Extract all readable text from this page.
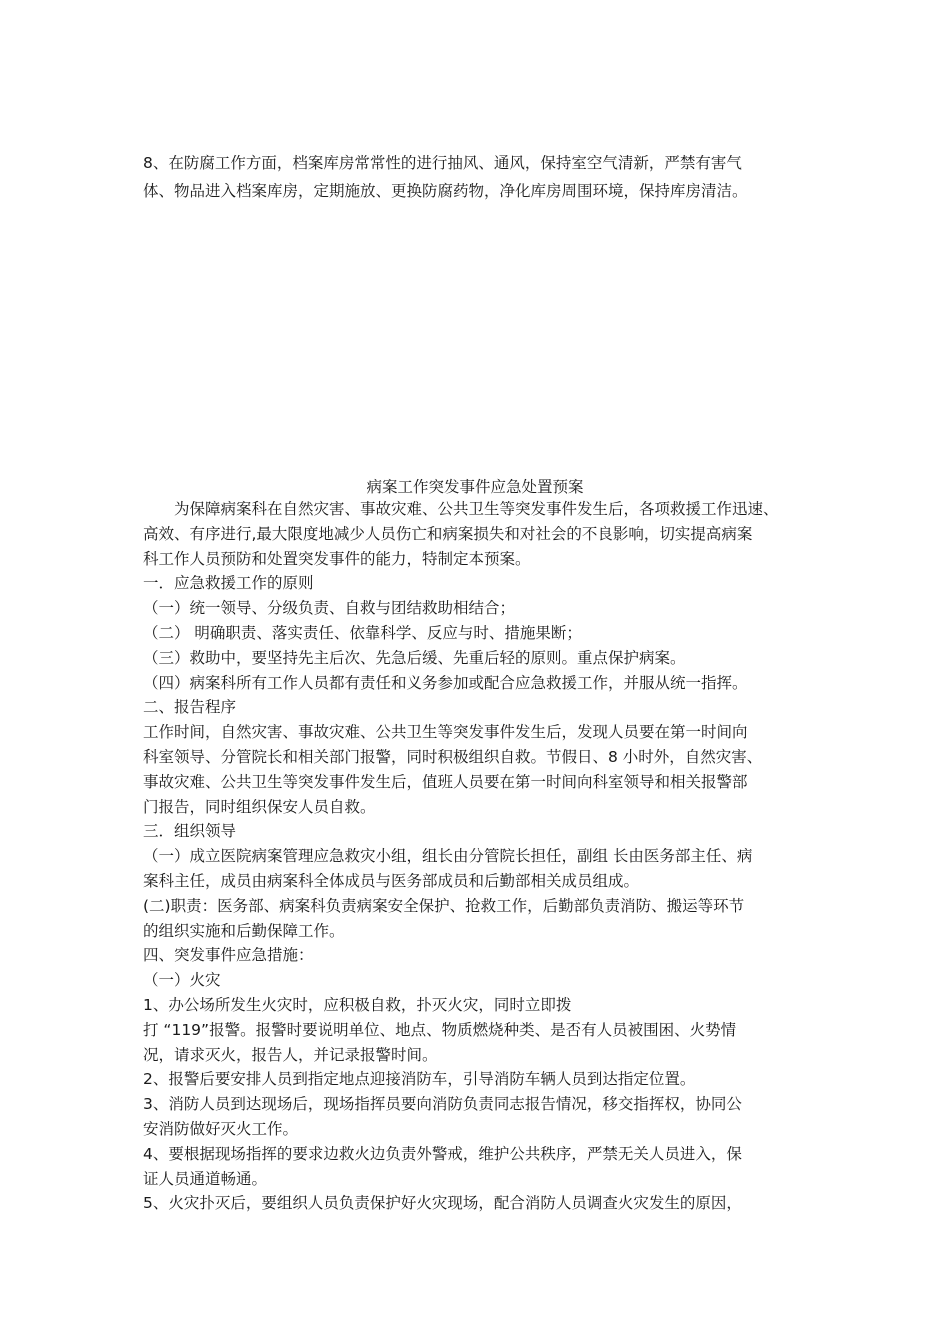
8、在防腐工作方面，档案库房常常性的进行抽风、通风，保持室空气清新，严禁有害气
体、物品进入档案库房，定期施放、更换防腐药物，净化库房周围环境，保持库房清洁。
病案工作突发事件应急处置预案
　　为保障病案科在自然灾害、事故灾难、公共卫生等突发事件发生后，各项救援工作迅速、
高效、有序进行,最大限度地减少人员伤亡和病案损失和对社会的不良影响，切实提高病案
科工作人员预防和处置突发事件的能力，特制定本预案。
一．应急救援工作的原则
（一）统一领导、分级负责、自救与团结救助相结合；
（二） 明确职责、落实责任、依靠科学、反应与时、措施果断；
（三）救助中，要坚持先主后次、先急后缓、先重后轻的原则。重点保护病案。
（四）病案科所有工作人员都有责任和义务参加或配合应急救援工作，并服从统一指挥。
二、报告程序
工作时间，自然灾害、事故灾难、公共卫生等突发事件发生后，发现人员要在第一时间向
科室领导、分管院长和相关部门报警，同时积极组织自救。节假日、8 小时外，自然灾害、
事故灾难、公共卫生等突发事件发生后，值班人员要在第一时间向科室领导和相关报警部
门报告，同时组织保安人员自救。
三．组织领导
（一）成立医院病案管理应急救灾小组，组长由分管院长担任，副组 长由医务部主任、病
案科主任，成员由病案科全体成员与医务部成员和后勤部相关成员组成。
(二)职责：医务部、病案科负责病案安全保护、抢救工作，后勤部负责消防、搬运等环节
的组织实施和后勤保障工作。
四、突发事件应急措施：
（一）火灾
1、办公场所发生火灾时，应积极自救，扑灭火灾，同时立即拨
打 “119”报警。报警时要说明单位、地点、物质燃烧种类、是否有人员被围困、火势情
况，请求灭火，报告人，并记录报警时间。
2、报警后要安排人员到指定地点迎接消防车，引导消防车辆人员到达指定位置。
3、消防人员到达现场后，现场指挥员要向消防负责同志报告情况，移交指挥权，协同公
安消防做好灭火工作。
4、要根据现场指挥的要求边救火边负责外警戒，维护公共秩序，严禁无关人员进入，保
证人员通道畅通。
5、火灾扑灭后，要组织人员负责保护好火灾现场，配合消防人员调查火灾发生的原因，
